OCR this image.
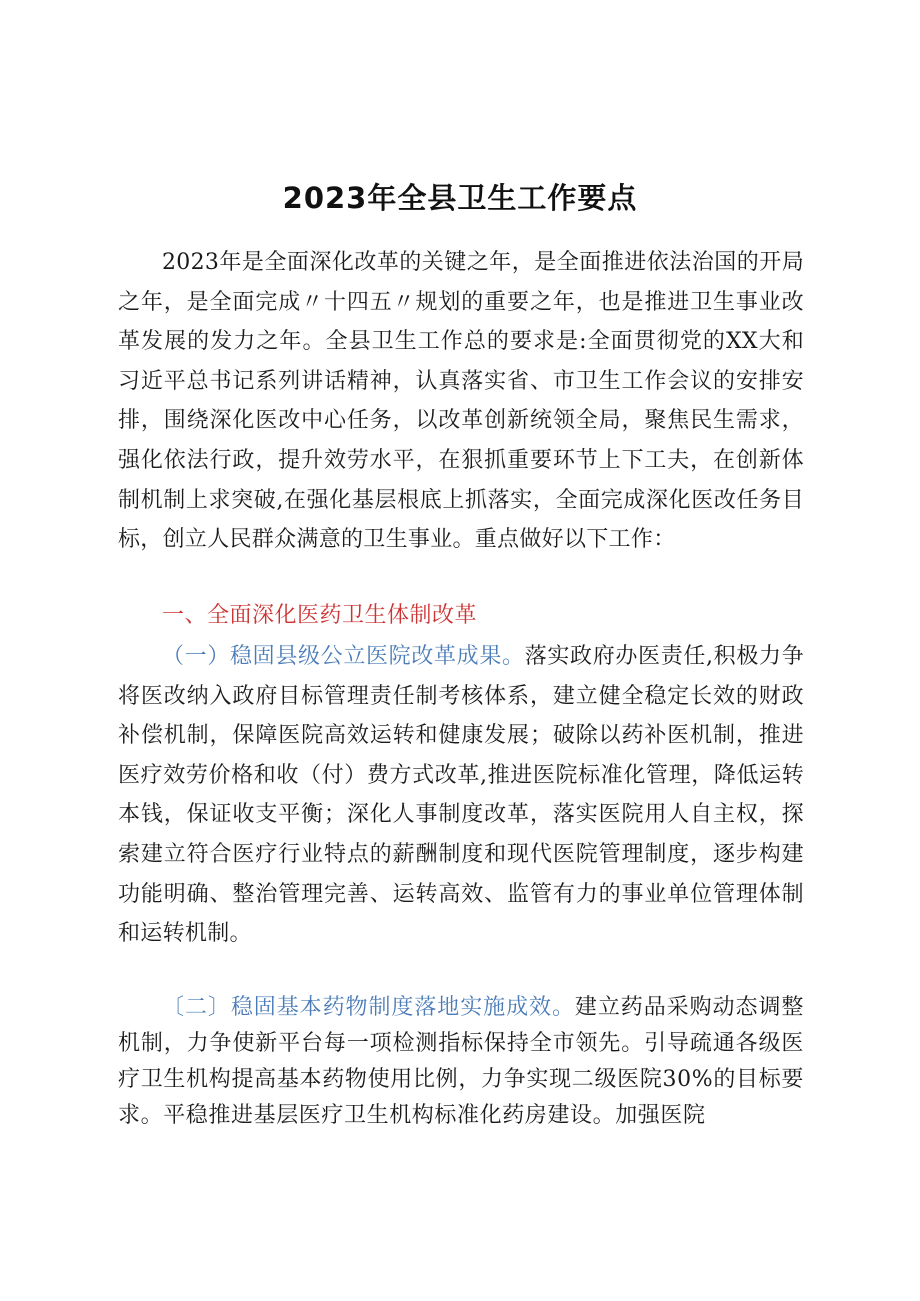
2023年全县卫生工作要点

2023年是全面深化改革的关键之年，是全面推进依法治国的开局之年，是全面完成〃十四五〃规划的重要之年，也是推进卫生事业改革发展的发力之年。全县卫生工作总的要求是:全面贯彻党的XX大和习近平总书记系列讲话精神，认真落实省、市卫生工作会议的安排安排，围绕深化医改中心任务，以改革创新统领全局，聚焦民生需求，强化依法行政，提升效劳水平，在狠抓重要环节上下工夫，在创新体制机制上求突破,在强化基层根底上抓落实，全面完成深化医改任务目标，创立人民群众满意的卫生事业。重点做好以下工作：

一、全面深化医药卫生体制改革

（一）稳固县级公立医院改革成果。落实政府办医责任,积极力争将医改纳入政府目标管理责任制考核体系，建立健全稳定长效的财政补偿机制，保障医院高效运转和健康发展；破除以药补医机制，推进医疗效劳价格和收（付）费方式改革,推进医院标准化管理，降低运转本钱，保证收支平衡；深化人事制度改革，落实医院用人自主权，探索建立符合医疗行业特点的薪酬制度和现代医院管理制度，逐步构建功能明确、整治管理完善、运转高效、监管有力的事业单位管理体制和运转机制。

〔二〕稳固基本药物制度落地实施成效。建立药品采购动态调整机制，力争使新平台每一项检测指标保持全市领先。引导疏通各级医疗卫生机构提高基本药物使用比例，力争实现二级医院30%的目标要求。平稳推进基层医疗卫生机构标准化药房建设。加强医院
